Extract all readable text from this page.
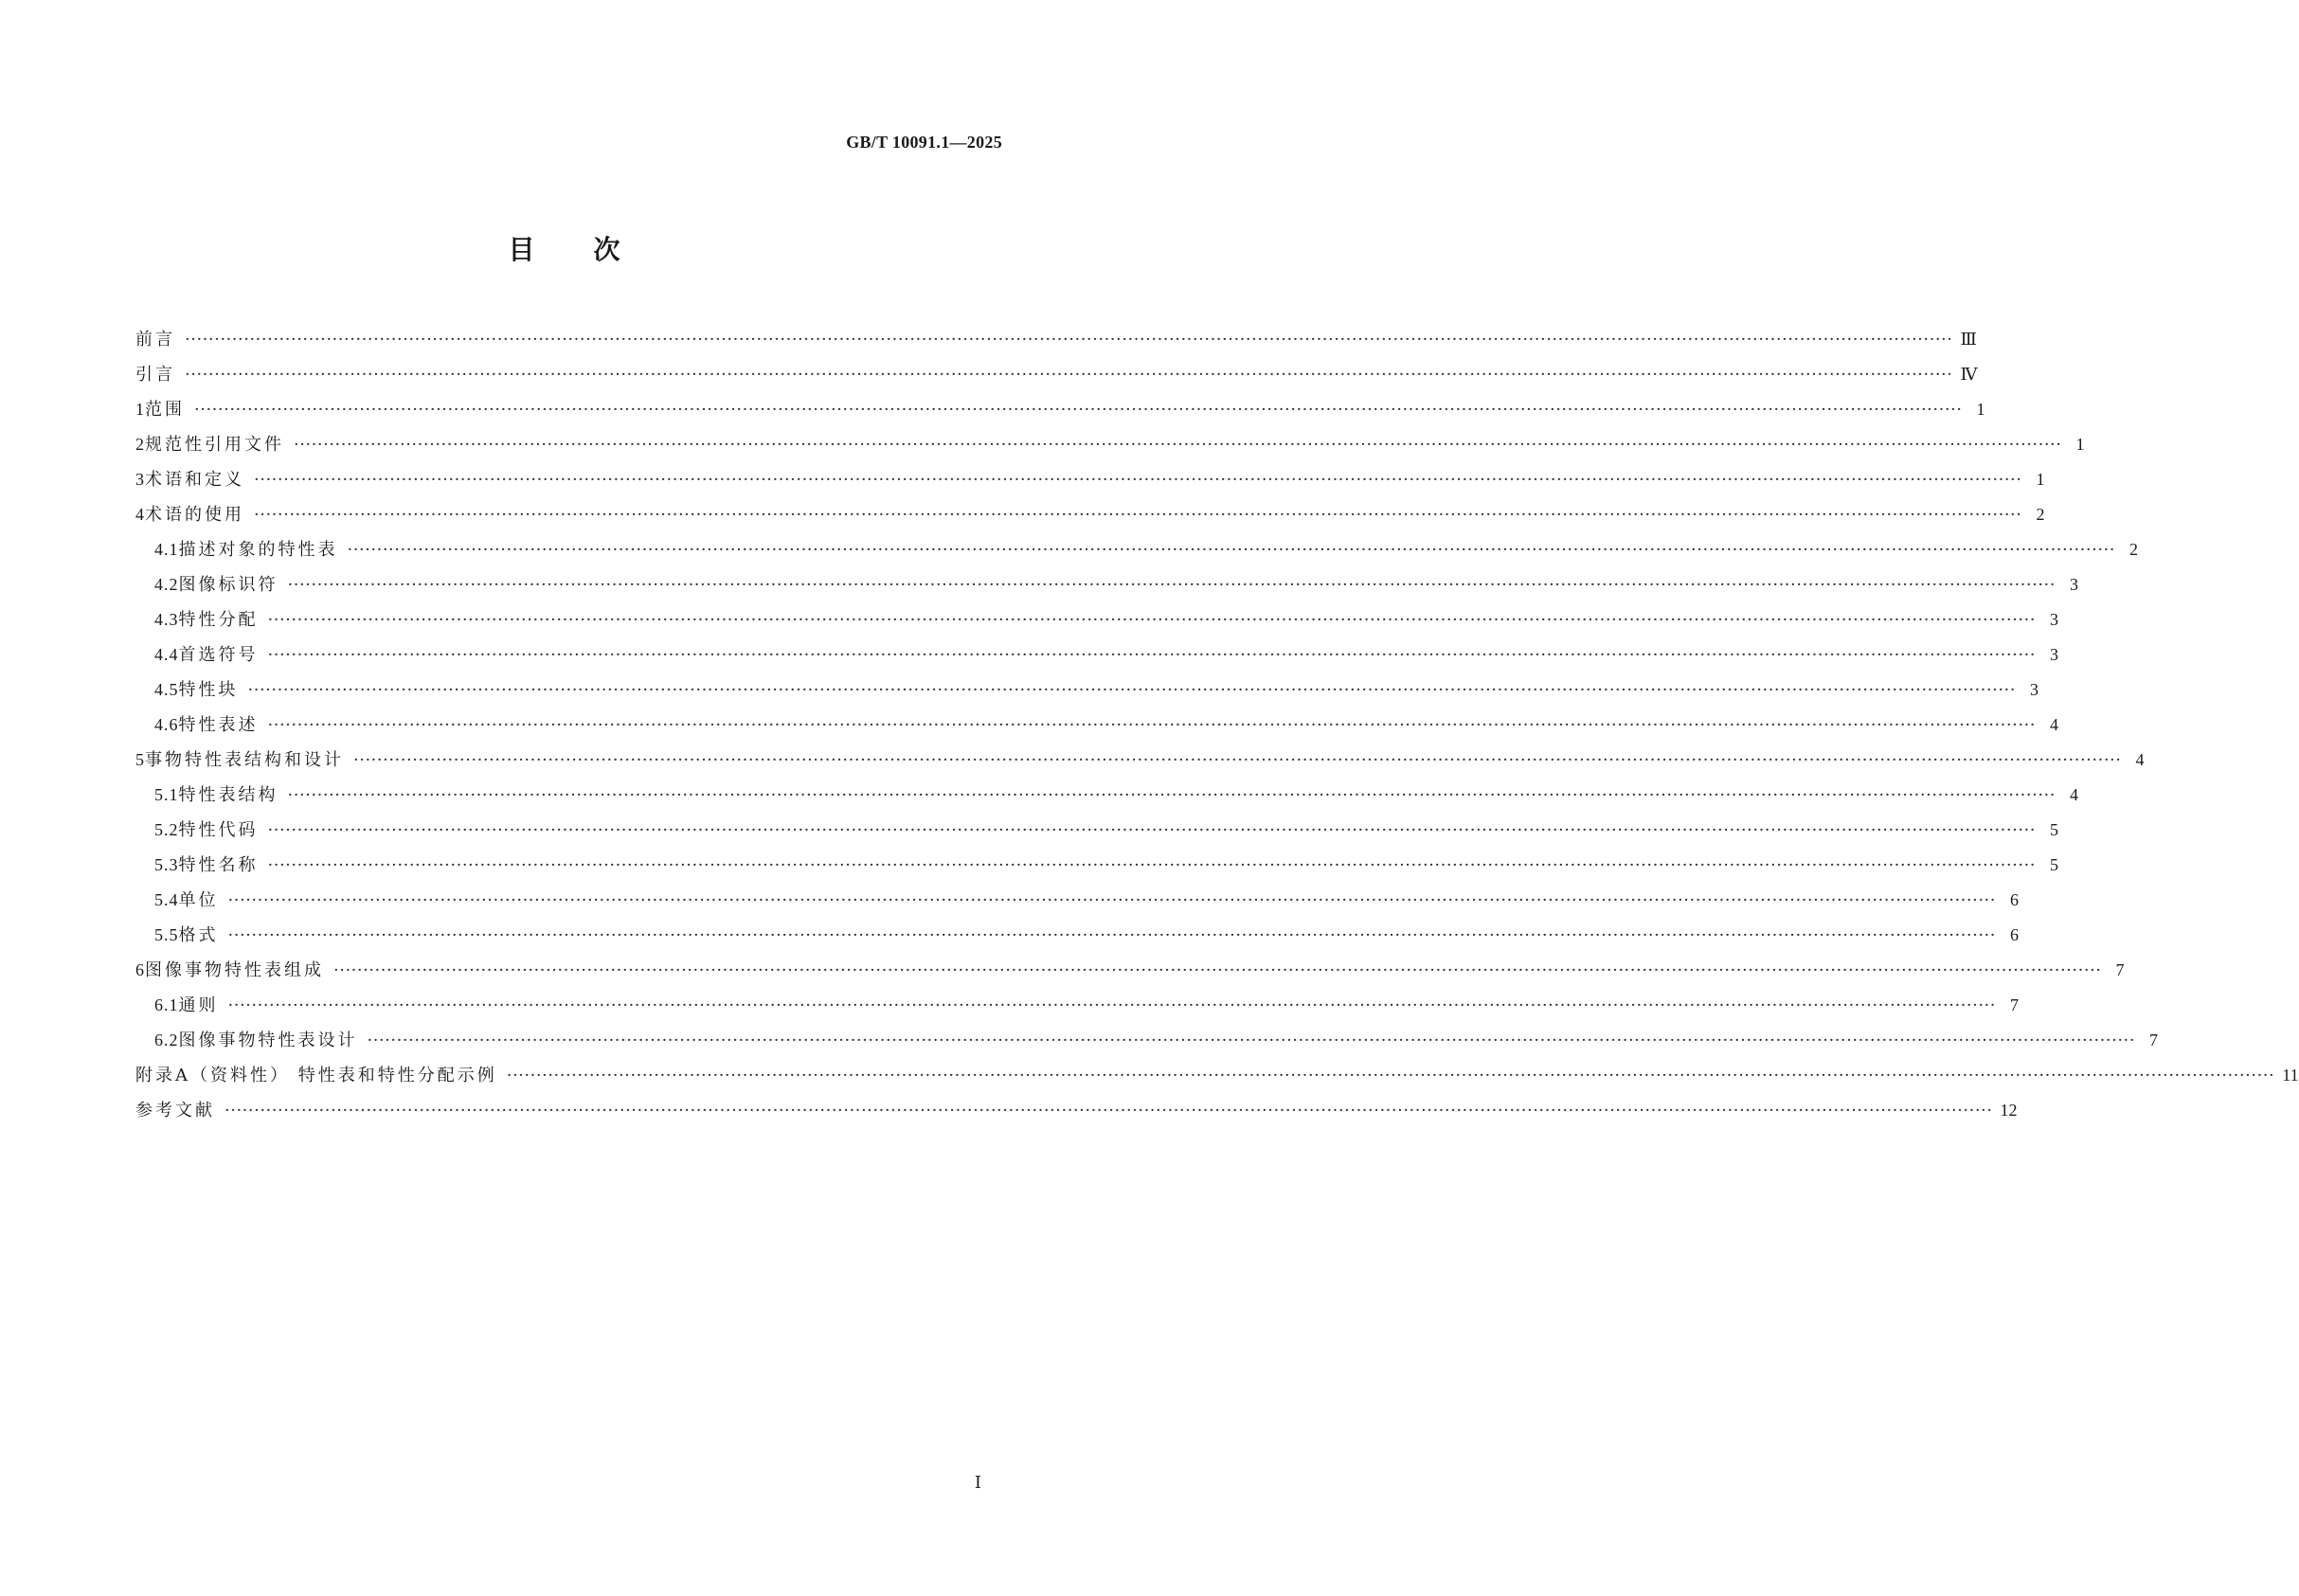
GB/T 10091.1—2025
目次
前言 ············································································································································································································································································································ Ⅲ
引言 ············································································································································································································································································································ Ⅳ
1 范围 ············································································································································································································································································································ 1
2 规范性引用文件 ············································································································································································································································································································ 1
3 术语和定义 ············································································································································································································································································································ 1
4 术语的使用 ············································································································································································································································································································ 2
4.1 描述对象的特性表 ············································································································································································································································································································ 2
4.2 图像标识符 ············································································································································································································································································································ 3
4.3 特性分配 ············································································································································································································································································································ 3
4.4 首选符号 ············································································································································································································································································································ 3
4.5 特性块 ············································································································································································································································································································ 3
4.6 特性表述 ············································································································································································································································································································ 4
5 事物特性表结构和设计 ············································································································································································································································································································ 4
5.1 特性表结构 ············································································································································································································································································································ 4
5.2 特性代码 ············································································································································································································································································································ 5
5.3 特性名称 ············································································································································································································································································································ 5
5.4 单位 ············································································································································································································································································································ 6
5.5 格式 ············································································································································································································································································································ 6
6 图像事物特性表组成 ············································································································································································································································································································ 7
6.1 通则 ············································································································································································································································································································ 7
6.2 图像事物特性表设计 ············································································································································································································································································································ 7
附录A（资料性） 特性表和特性分配示例 ············································································································································································································································································································ 11
参考文献 ············································································································································································································································································································ 12
Ⅰ
